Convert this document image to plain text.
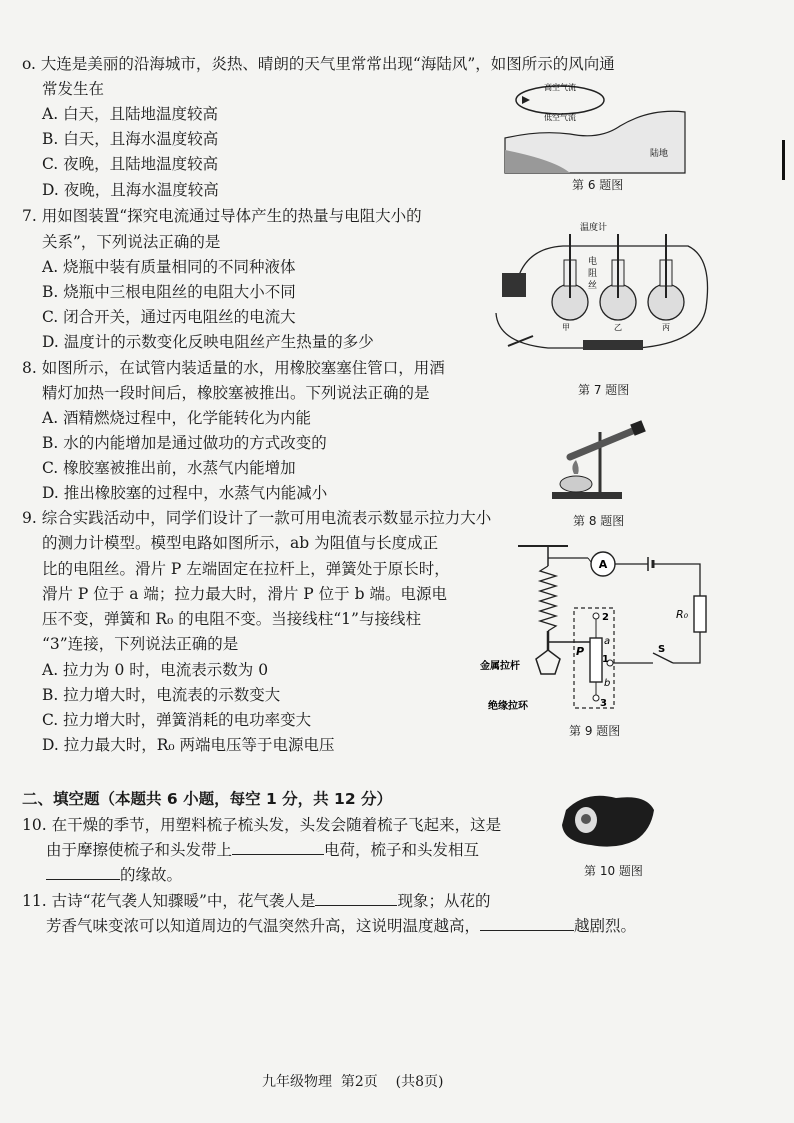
o. 大连是美丽的沿海城市，炎热、晴朗的天气里常常出现“海陆风”，如图所示的风向通
常发生在
A. 白天，且陆地温度较高
B. 白天，且海水温度较高
C. 夜晚，且陆地温度较高
D. 夜晚，且海水温度较高
高空气流
低空气流
陆地
第 6 题图
7. 用如图装置“探究电流通过导体产生的热量与电阻大小的
关系”，下列说法正确的是
A. 烧瓶中装有质量相同的不同种液体
B. 烧瓶中三根电阻丝的电阻大小不同
C. 闭合开关，通过丙电阻丝的电流大
D. 温度计的示数变化反映电阻丝产生热量的多少
温度计
电
阻
丝
甲	乙	丙
第 7 题图
8. 如图所示，在试管内装适量的水，用橡胶塞塞住管口，用酒
精灯加热一段时间后，橡胶塞被推出。下列说法正确的是
A. 酒精燃烧过程中，化学能转化为内能
B. 水的内能增加是通过做功的方式改变的
C. 橡胶塞被推出前，水蒸气内能增加
D. 推出橡胶塞的过程中，水蒸气内能减小
第 8 题图
9. 综合实践活动中，同学们设计了一款可用电流表示数显示拉力大小
的测力计模型。模型电路如图所示，ab 为阻值与长度成正
比的电阻丝。滑片 P 左端固定在拉杆上，弹簧处于原长时，
滑片 P 位于 a 端；拉力最大时，滑片 P 位于 b 端。电源电
压不变，弹簧和 R₀ 的电阻不变。当接线柱“1”与接线柱
“3”连接，下列说法正确的是
A. 拉力为 0 时，电流表示数为 0
B. 拉力增大时，电流表的示数变大
C. 拉力增大时，弹簧消耗的电功率变大
D. 拉力最大时，R₀ 两端电压等于电源电压
A
R₀
S
2
1
3
a
b
P
金属拉杆
绝缘拉环
第 9 题图
二、填空题（本题共 6 小题，每空 1 分，共 12 分）
10. 在干燥的季节，用塑料梳子梳头发，头发会随着梳子飞起来，这是
由于摩擦使梳子和头发带上	电荷，梳子和头发相互
的缘故。	第 10 题图
11. 古诗“花气袭人知骤暖”中，花气袭人是	现象；从花的
芳香气味变浓可以知道周边的气温突然升高，这说明温度越高，	越剧烈。
九年级物理  第2页    (共8页)
